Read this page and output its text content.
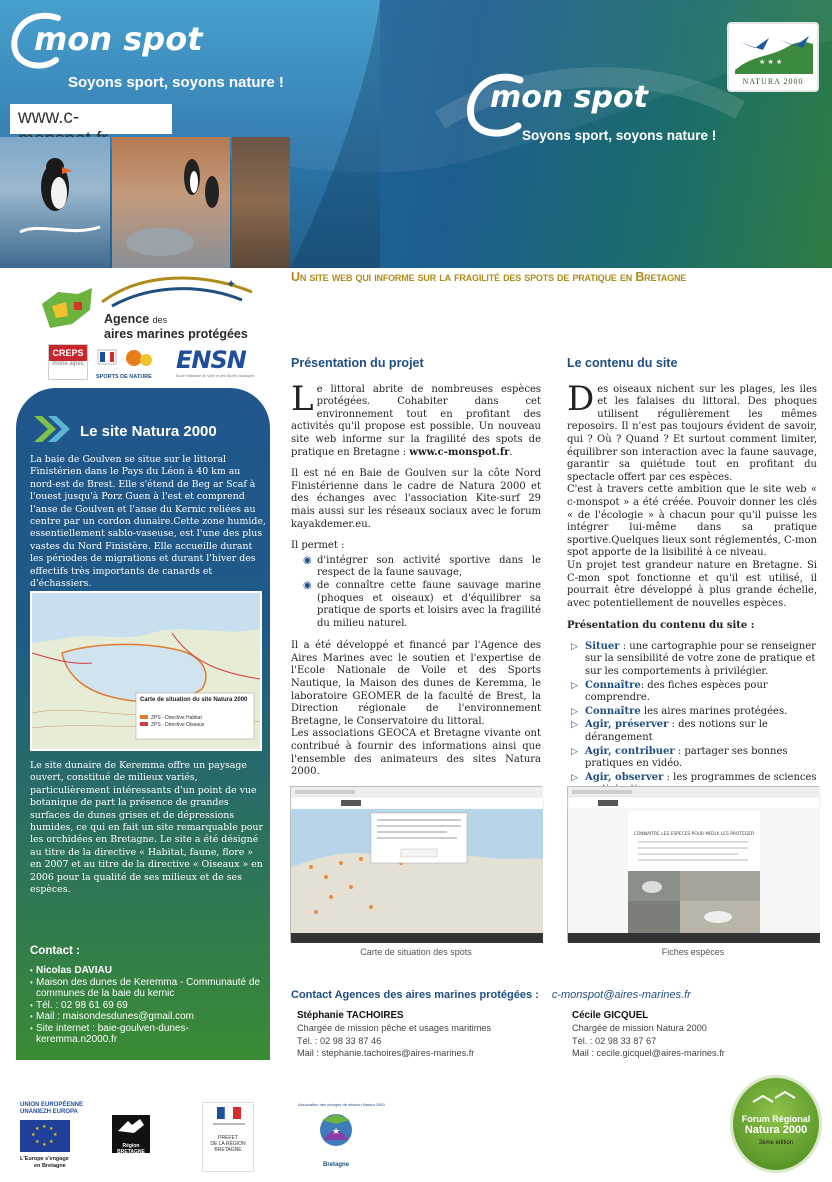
mon spot
Soyons sport, soyons nature !
www.c-
mon spot
Soyons sport, soyons nature !
★ ★ ★
NATURA 2000
✦
Agence des
aires marines protégées
CREPS
rhône alpes
SPORTS DE NATURE
ENSN
École Nationale de Voile et des Sports Nautiques
Le site Natura 2000
La baie de Goulven se situe sur le littoral Finistérien dans le Pays du Léon à 40 km au nord-est de Brest. Elle s'étend de Beg ar Scaf à l'ouest jusqu'à Porz Guen à l'est et comprend l'anse de Goulven et l'anse du Kernic reliées au centre par un cordon dunaire.Cette zone humide, essentiellement sablo-vaseuse, est l'une des plus vastes du Nord Finistère. Elle accueille durant les périodes de migrations et durant l'hiver des effectifs très importants de canards et d'échassiers.
Carte de situation du site Natura 2000
ZPS - Directive Habitat
ZPS - Directive Oiseaux
Le site dunaire de Keremma offre un paysage ouvert, constitué de milieux variés, particulièrement intéressants d'un point de vue botanique de part la présence de grandes surfaces de dunes grises et de dépressions humides, ce qui en fait un site remarquable pour les orchidées en Bretagne. Le site a été désigné au titre de la directive « Habitat, faune, flore » en 2007 et au titre de la directive « Oiseaux » en 2006 pour la qualité de ses milieux et de ses espèces.
Contact :
• Nicolas DAVIAU
• Maison des dunes de Keremma - Communauté de communes de la baie du kernic
• Tél. : 02 98 61 69 69
• Mail : maisondesdunes@gmail.com
• Site internet : baie-goulven-dunes-keremma.n2000.fr
Un site web qui informe sur la fragilité des spots de pratique en Bretagne
Présentation du projet

Le littoral abrite de nombreuses espèces protégées. Cohabiter dans cet environnement tout en profitant des activités qu'il propose est possible. Un nouveau site web informe sur la fragilité des spots de pratique en Bretagne : www.c-monspot.fr.

Il est né en Baie de Goulven sur la côte Nord Finistérienne dans le cadre de Natura 2000 et des échanges avec l'association Kite-surf 29 mais aussi sur les réseaux sociaux avec le forum kayakdemer.eu.

Il permet :

◉ d'intégrer son activité sportive dans le respect de la faune sauvage,
◉ de connaître cette faune sauvage marine (phoques et oiseaux) et d'équilibrer sa pratique de sports et loisirs avec la fragilité du milieu naturel.

Il a été développé et financé par l'Agence des Aires Marines avec le soutien et l'expertise de l'Ecole Nationale de Voile et des Sports Nautique, la Maison des dunes de Keremma, le laboratoire GEOMER de la faculté de Brest, la Direction régionale de l'environnement Bretagne, le Conservatoire du littoral.

Les associations GEOCA et Bretagne vivante ont contribué à fournir des informations ainsi que l'ensemble des animateurs des sites Natura 2000.

Le contenu du site

Des oiseaux nichent sur les plages, les iles et les falaises du littoral. Des phoques utilisent régulièrement les mêmes reposoirs. Il n'est pas toujours évident de savoir, qui ? Où ? Quand ? Et surtout comment limiter, équilibrer son interaction avec la faune sauvage, garantir sa quiétude tout en profitant du spectacle offert par ces espèces.

C'est à travers cette ambition que le site web « c-monspot » a été créée. Pouvoir donner les clés « de l'écologie » à chacun pour qu'il puisse les intégrer lui-même dans sa pratique sportive.Quelques lieux sont réglementés, C-mon spot apporte de la lisibilité à ce niveau.

Un projet test grandeur nature en Bretagne. Si C-mon spot fonctionne et qu'il est utilisé, il pourrait être développé à plus grande échelle, avec potentiellement de nouvelles espèces.

Présentation du contenu du site :
▷ Situer : une cartographie pour se renseigner sur la sensibilité de votre zone de pratique et sur les comportements à privilégier.
▷ Connaître: des fiches espèces pour comprendre.
▷ Connaître les aires marines protégées.
▷ Agir, préserver : des notions sur le dérangement
▷ Agir, contribuer : partager ses bonnes pratiques en vidéo.
▷ Agir, observer : les programmes de sciences
Carte de situation des spots
CONNAITRE LES ESPECES POUR MIEUX LES PROTEGER
Fiches espèces
Contact Agences des aires marines protégées : c-monspot@aires-marines.fr
Stéphanie TACHOIRES
Chargée de mission pêche et usages maritimes
Tél. : 02 98 33 87 46
Mail : stephanie.tachoires@aires-marines.fr
Cécile GICQUEL
Chargée de mission Natura 2000
Tél. : 02 98 33 87 67
Mail : cecile.gicquel@aires-marines.fr
UNION EUROPÉENNE
UNANIEZH EUROPA
★ ★
★
★
★
★
★
★
L'Europe s'engage
en Bretagne
Région BRETAGNE
PRÉFET
DE LA RÉGION
BRETAGNE
★
Association des chargés de mission Natura 2000
Bretagne
Forum Régional
Natura 2000
2ème édition
